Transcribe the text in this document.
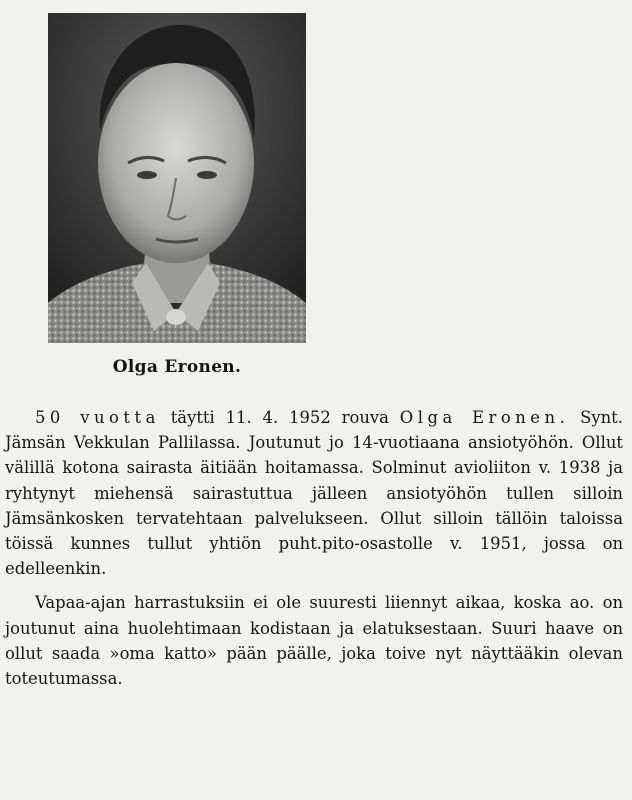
Olga Eronen.

50 vuotta täytti 11. 4. 1952 rouva Olga Eronen. Synt. Jämsän Vekkulan Pallilassa. Joutunut jo 14-vuotiaana ansiotyöhön. Ollut välillä kotona sairasta äitiään hoitamassa. Solminut avioliiton v. 1938 ja ryhtynyt miehensä sairastuttua jälleen ansiotyöhön tullen silloin Jämsänkosken tervatehtaan palvelukseen. Ollut silloin tällöin taloissa töissä kunnes tullut yhtiön puht.pito-osastolle v. 1951, jossa on edelleenkin.

Vapaa-ajan harrastuksiin ei ole suuresti liiennyt aikaa, koska ao. on joutunut aina huolehtimaan kodistaan ja elatuksestaan. Suuri haave on ollut saada »oma katto» pään päälle, joka toive nyt näyttääkin olevan toteutumassa.
